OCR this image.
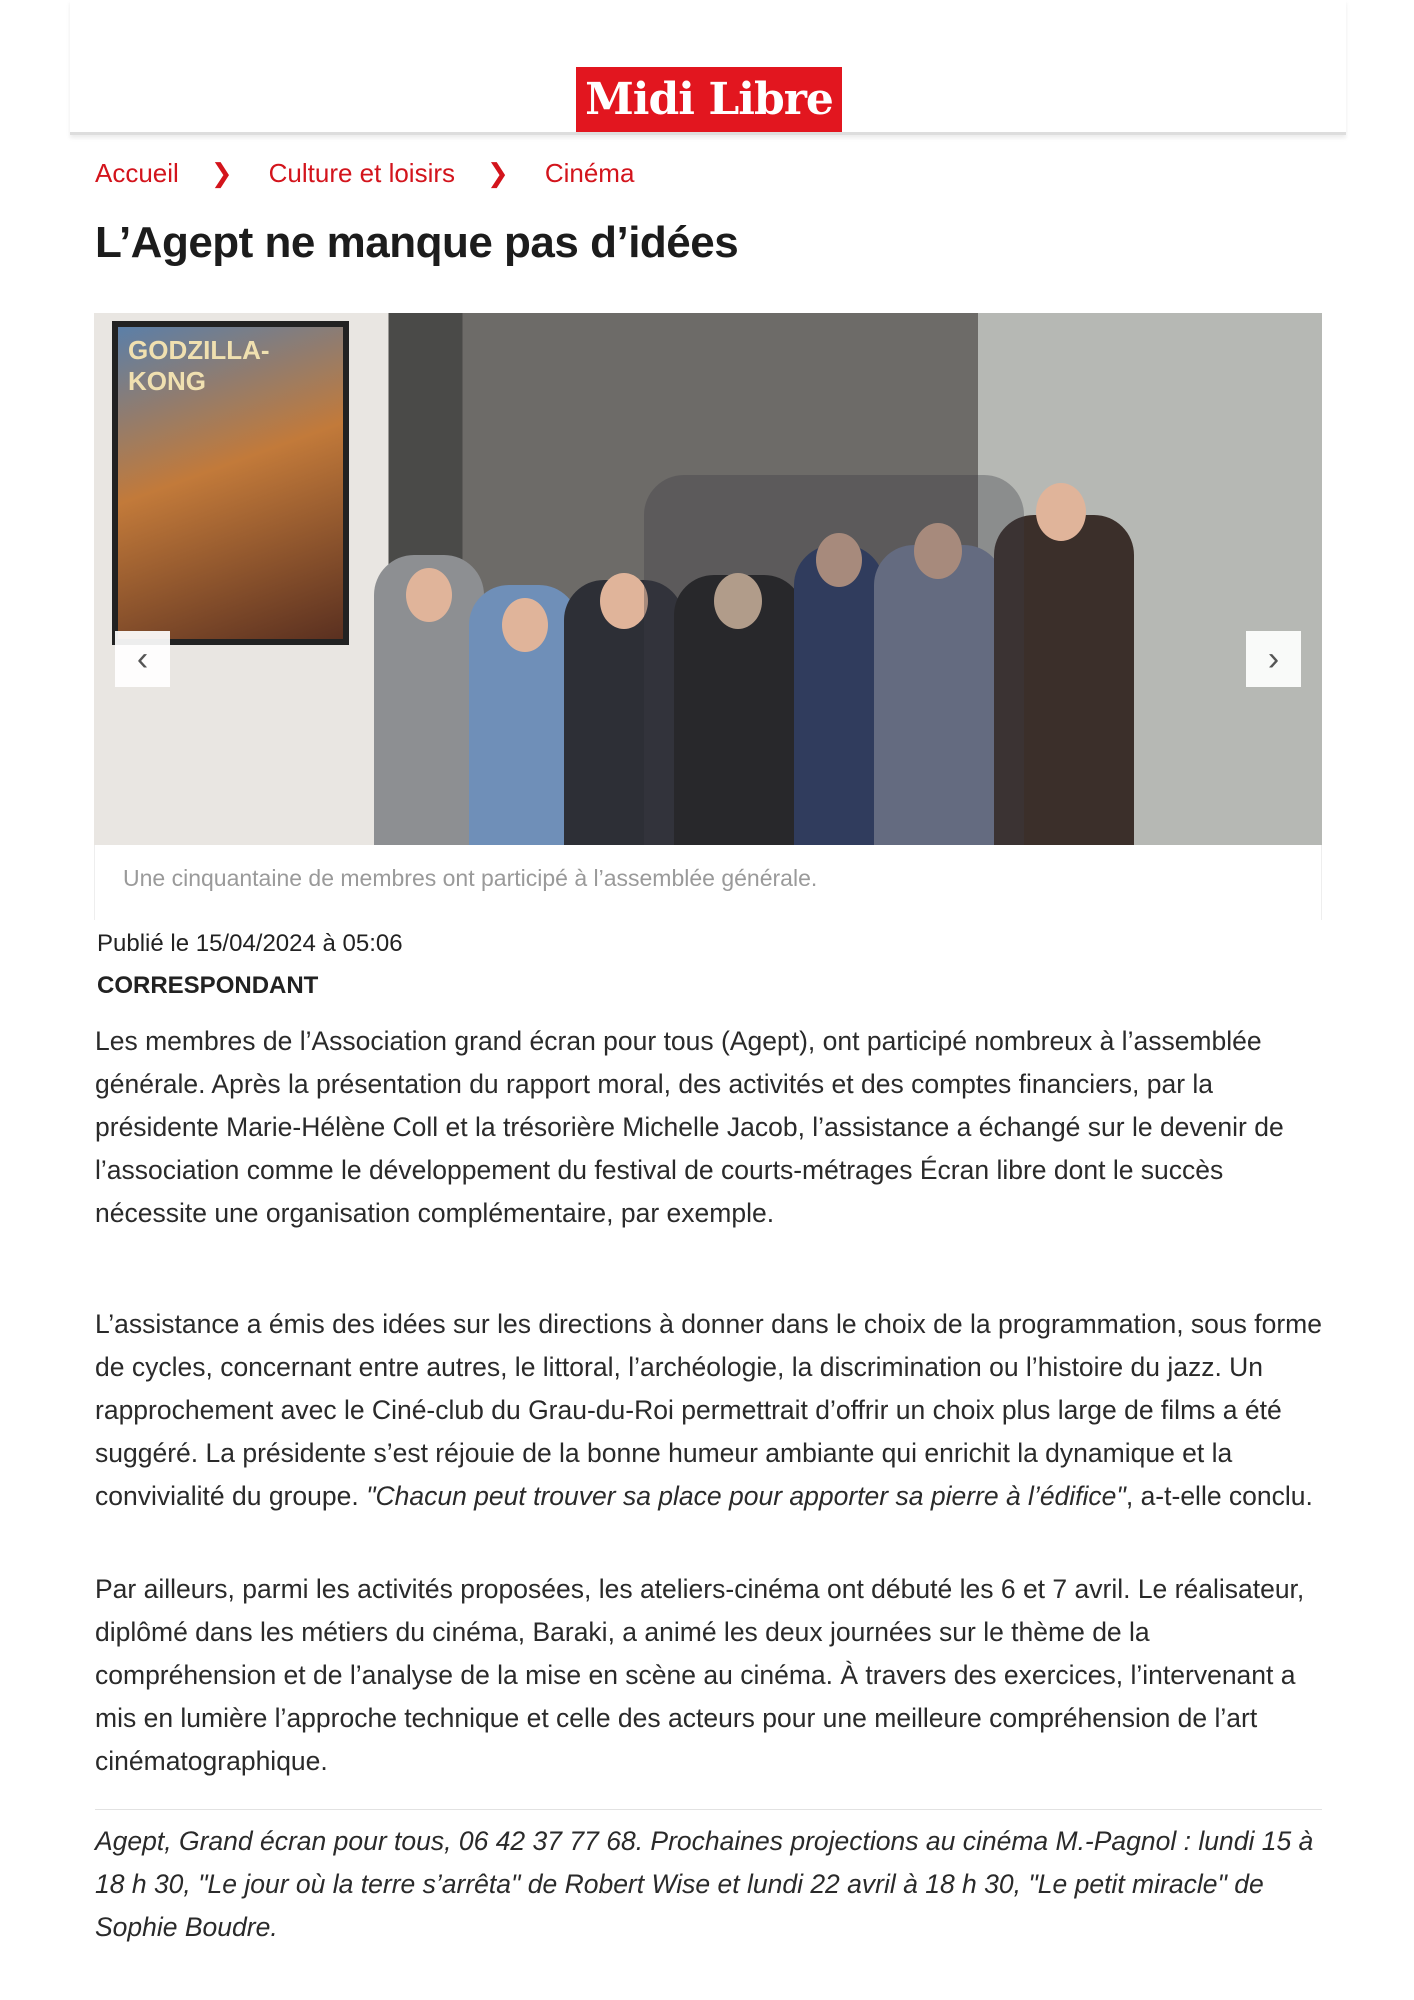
Midi Libre
Accueil ❯ Culture et loisirs ❯ Cinéma
L’Agept ne manque pas d’idées
GODZILLA-KONG
‹	›
Une cinquantaine de membres ont participé à l’assemblée générale.
Publié le 15/04/2024 à 05:06
CORRESPONDANT

Les membres de l’Association grand écran pour tous (Agept), ont participé nombreux à l’assemblée générale. Après la présentation du rapport moral, des activités et des comptes financiers, par la présidente Marie-Hélène Coll et la trésorière Michelle Jacob, l’assistance a échangé sur le devenir de l’association comme le développement du festival de courts-métrages Écran libre dont le succès nécessite une organisation complémentaire, par exemple.

L’assistance a émis des idées sur les directions à donner dans le choix de la programmation, sous forme de cycles, concernant entre autres, le littoral, l’archéologie, la discrimination ou l’histoire du jazz. Un rapprochement avec le Ciné-club du Grau-du-Roi permettrait d’offrir un choix plus large de films a été suggéré. La présidente s’est réjouie de la bonne humeur ambiante qui enrichit la dynamique et la convivialité du groupe. "Chacun peut trouver sa place pour apporter sa pierre à l’édifice", a-t-elle conclu.

Par ailleurs, parmi les activités proposées, les ateliers-cinéma ont débuté les 6 et 7 avril. Le réalisateur, diplômé dans les métiers du cinéma, Baraki, a animé les deux journées sur le thème de la compréhension et de l’analyse de la mise en scène au cinéma. À travers des exercices, l’intervenant a mis en lumière l’approche technique et celle des acteurs pour une meilleure compréhension de l’art cinématographique.

Agept, Grand écran pour tous, 06 42 37 77 68. Prochaines projections au cinéma M.-Pagnol : lundi 15 à 18 h 30, "Le jour où la terre s’arrêta" de Robert Wise et lundi 22 avril à 18 h 30, "Le petit miracle" de Sophie Boudre.
